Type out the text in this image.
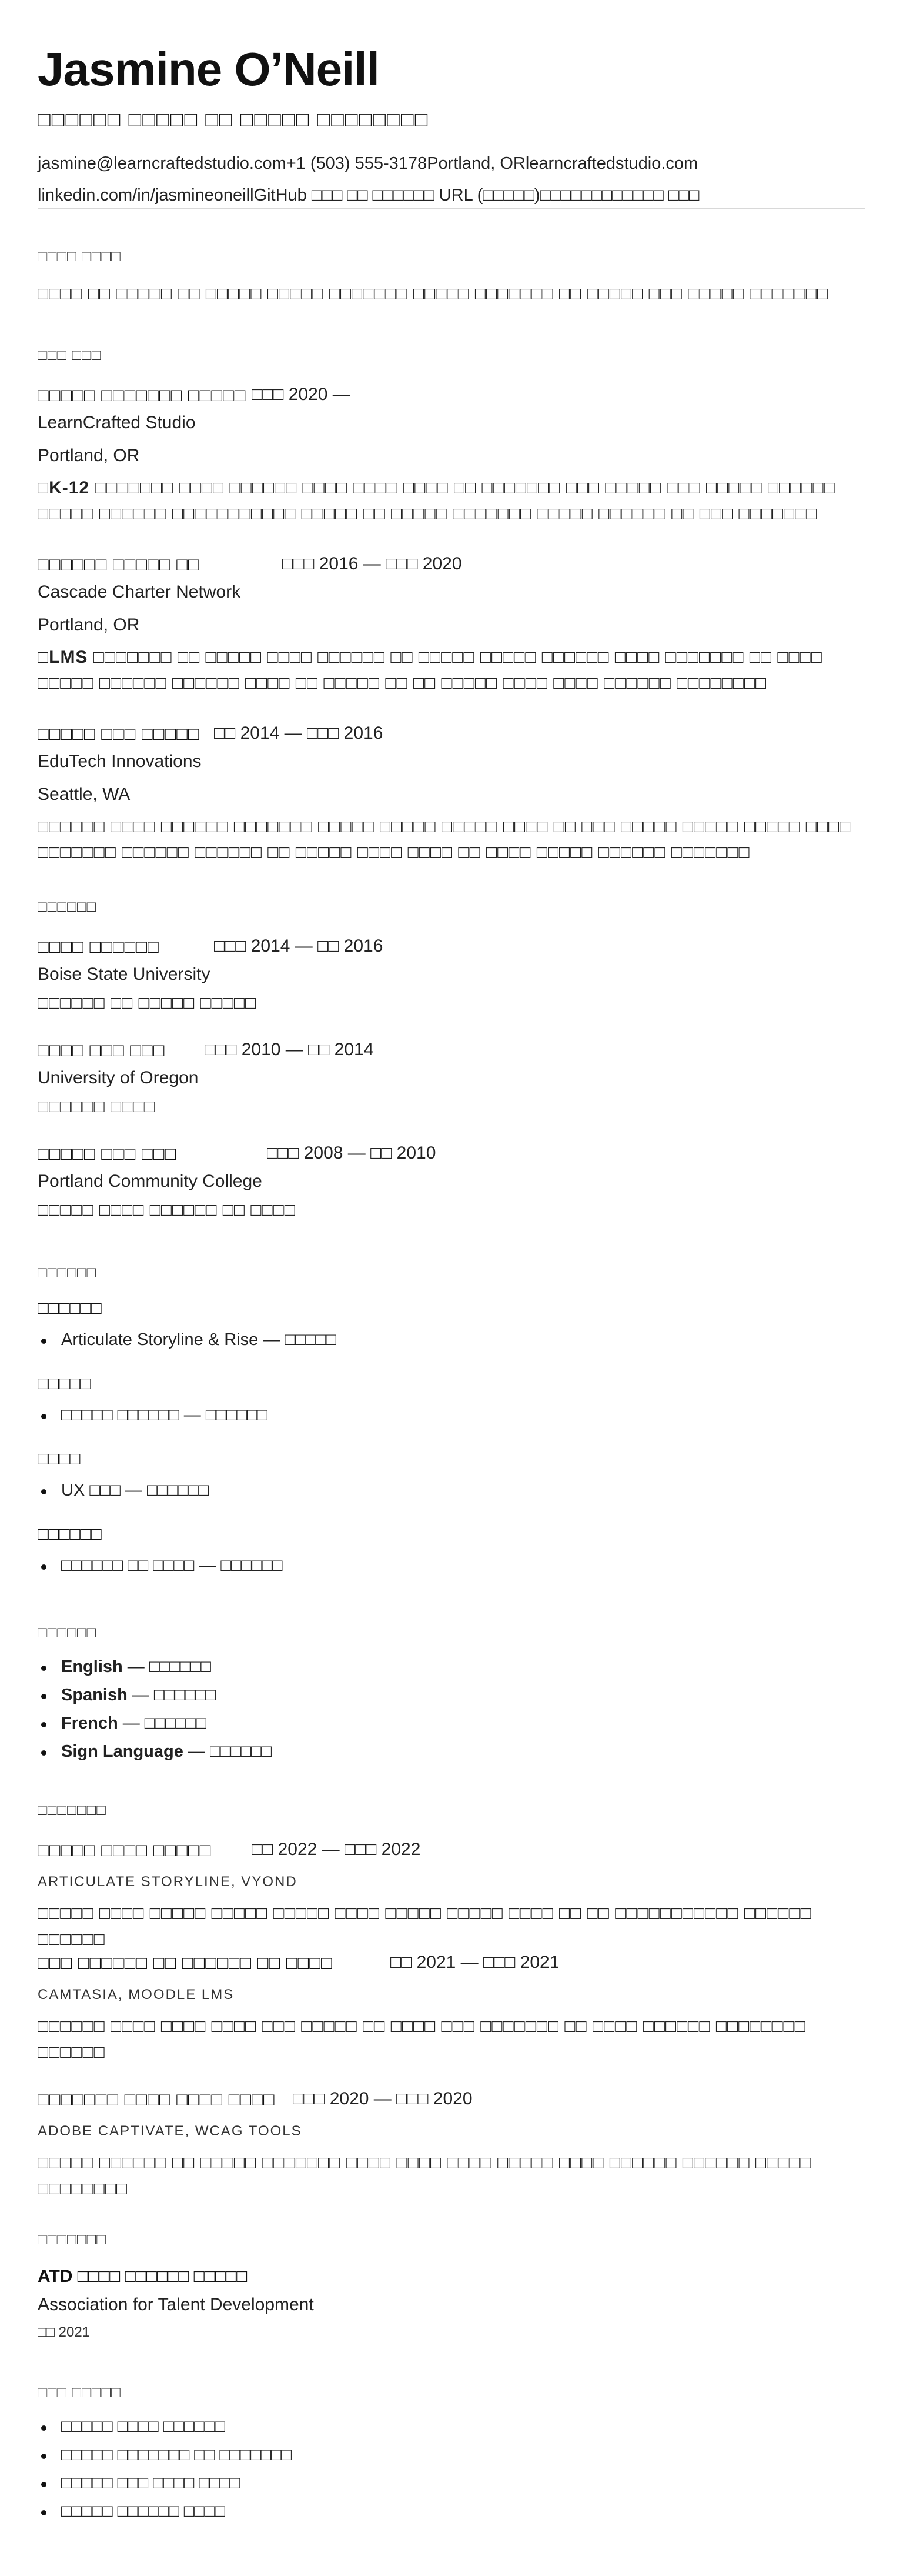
Jasmine O’Neill
□□□□□□ □□□□□ □□ □□□□□ □□□□□□□□
jasmine@learncraftedstudio.com+1 (503) 555-3178Portland, ORlearncraftedstudio.com
linkedin.com/in/jasmineoneillGitHub □□□ □□ □□□□□□ URL (□□□□□)□□□□□□□□□□□□ □□□
□□□□ □□□□
□□□□ □□ □□□□□ □□ □□□□□ □□□□□ □□□□□□□ □□□□□ □□□□□□□ □□ □□□□□ □□□ □□□□□ □□□□□□□
□□□ □□□
□□□□□ □□□□□□□ □□□□□ □□□ 2020 —
LearnCrafted Studio
Portland, OR
□K-12 □□□□□□□ □□□□ □□□□□□ □□□□ □□□□ □□□□ □□ □□□□□□□ □□□ □□□□□ □□□ □□□□□ □□□□□□ □□□□□ □□□□□□ □□□□□□□□□□□ □□□□□ □□ □□□□□ □□□□□□□ □□□□□ □□□□□□ □□ □□□ □□□□□□□
□□□□□□ □□□□□ □□	□□□ 2016 — □□□ 2020
Cascade Charter Network
Portland, OR
□LMS □□□□□□□ □□ □□□□□ □□□□ □□□□□□ □□ □□□□□ □□□□□ □□□□□□ □□□□ □□□□□□□ □□ □□□□ □□□□□ □□□□□□ □□□□□□ □□□□ □□ □□□□□ □□ □□ □□□□□ □□□□ □□□□ □□□□□□ □□□□□□□□
□□□□□ □□□ □□□□□ □□ 2014 — □□□ 2016
EduTech Innovations
Seattle, WA
□□□□□□ □□□□ □□□□□□ □□□□□□□ □□□□□ □□□□□ □□□□□ □□□□ □□ □□□ □□□□□ □□□□□ □□□□□ □□□□ □□□□□□□ □□□□□□ □□□□□□ □□ □□□□□ □□□□ □□□□ □□ □□□□ □□□□□ □□□□□□ □□□□□□□
□□□□□□
□□□□ □□□□□□	□□□ 2014 — □□ 2016
Boise State University
□□□□□□ □□ □□□□□ □□□□□
□□□□ □□□ □□□ □□□ 2010 — □□ 2014
University of Oregon
□□□□□□ □□□□
□□□□□ □□□ □□□	□□□ 2008 — □□ 2010
Portland Community College
□□□□□ □□□□ □□□□□□ □□ □□□□
□□□□□□
□□□□□□
Articulate Storyline & Rise — □□□□□
□□□□□
□□□□□ □□□□□□ — □□□□□□
□□□□
UX □□□ — □□□□□□
□□□□□□
□□□□□□ □□ □□□□ — □□□□□□
□□□□□□
English — □□□□□□
Spanish — □□□□□□
French — □□□□□□
Sign Language — □□□□□□
□□□□□□□
□□□□□ □□□□ □□□□□ □□ 2022 — □□□ 2022
ARTICULATE STORYLINE, VYOND
□□□□□ □□□□ □□□□□ □□□□□ □□□□□ □□□□ □□□□□ □□□□□ □□□□ □□ □□ □□□□□□□□□□□ □□□□□□ □□□□□□
□□□ □□□□□□ □□ □□□□□□ □□ □□□□	□□ 2021 — □□□ 2021
CAMTASIA, MOODLE LMS
□□□□□□ □□□□ □□□□ □□□□ □□□ □□□□□ □□ □□□□ □□□ □□□□□□□ □□ □□□□ □□□□□□ □□□□□□□□ □□□□□□
□□□□□□□ □□□□ □□□□ □□□□ □□□ 2020 — □□□ 2020
ADOBE CAPTIVATE, WCAG TOOLS
□□□□□ □□□□□□ □□ □□□□□ □□□□□□□ □□□□ □□□□ □□□□ □□□□□ □□□□ □□□□□□ □□□□□□ □□□□□ □□□□□□□□
□□□□□□□
ATD □□□□ □□□□□□ □□□□□
Association for Talent Development
□□ 2021
□□□ □□□□□
□□□□□ □□□□ □□□□□□
□□□□□ □□□□□□□ □□ □□□□□□□
□□□□□ □□□ □□□□ □□□□
□□□□□ □□□□□□ □□□□
